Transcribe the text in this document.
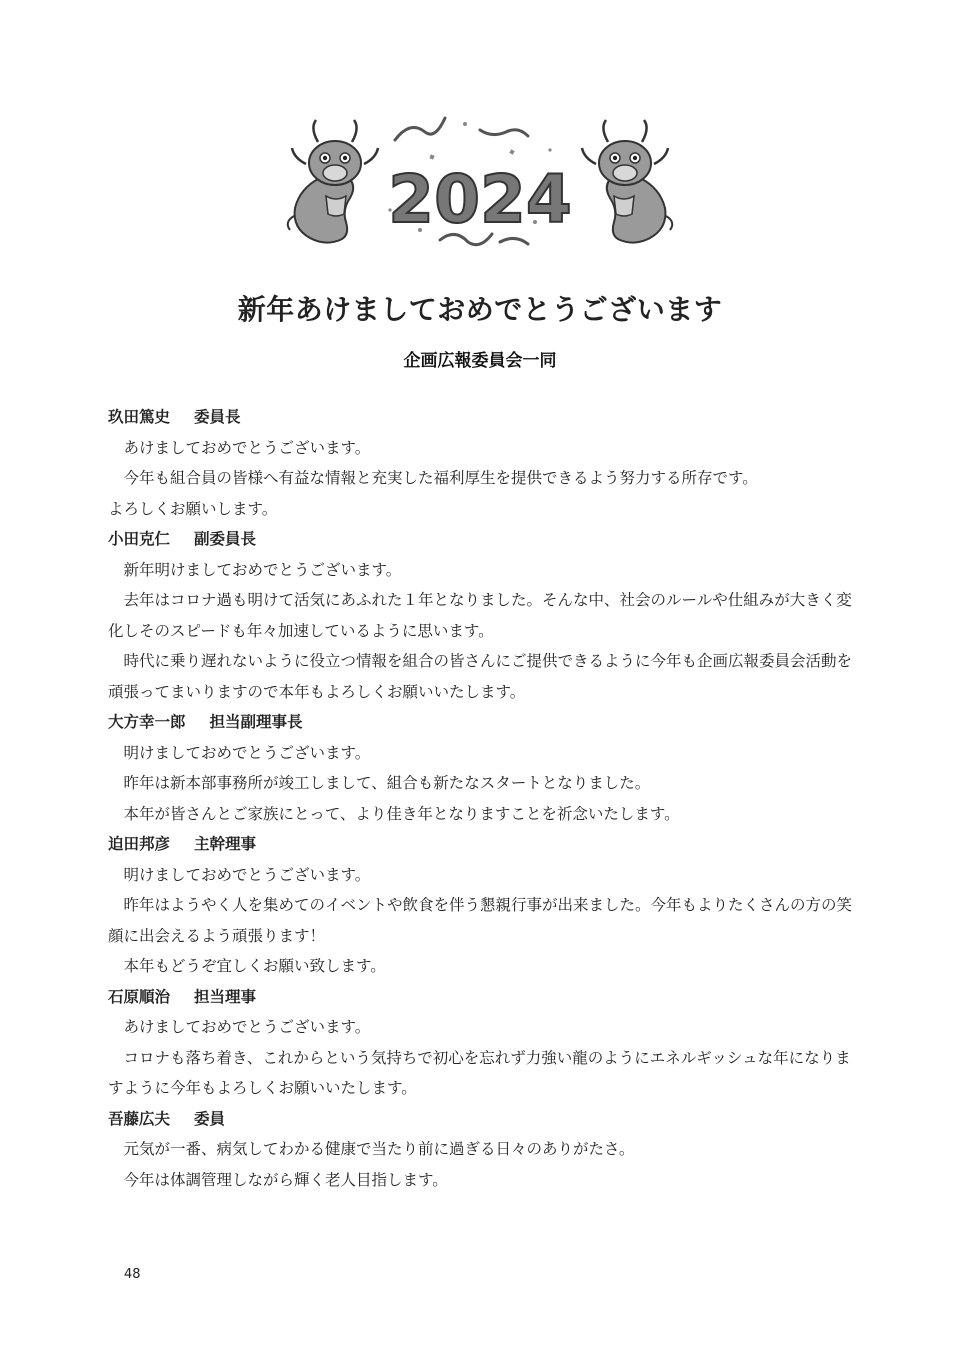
2024
新年あけましておめでとうございます
企画広報委員会一同
玖田篤史 委員長

あけましておめでとうございます。

今年も組合員の皆様へ有益な情報と充実した福利厚生を提供できるよう努力する所存です。

よろしくお願いします。

小田克仁 副委員長

新年明けましておめでとうございます。

去年はコロナ過も明けて活気にあふれた１年となりました。そんな中、社会のルールや仕組みが大きく変化しそのスピードも年々加速しているように思います。

時代に乗り遅れないように役立つ情報を組合の皆さんにご提供できるように今年も企画広報委員会活動を頑張ってまいりますので本年もよろしくお願いいたします。

大方幸一郎 担当副理事長

明けましておめでとうございます。

昨年は新本部事務所が竣工しまして、組合も新たなスタートとなりました。

本年が皆さんとご家族にとって、より佳き年となりますことを祈念いたします。

迫田邦彦 主幹理事

明けましておめでとうございます。

昨年はようやく人を集めてのイベントや飲食を伴う懇親行事が出来ました。今年もよりたくさんの方の笑顔に出会えるよう頑張ります！

本年もどうぞ宜しくお願い致します。

石原順治 担当理事

あけましておめでとうございます。

コロナも落ち着き、これからという気持ちで初心を忘れず力強い龍のようにエネルギッシュな年になりますように今年もよろしくお願いいたします。

吾藤広夫 委員

元気が一番、病気してわかる健康で当たり前に過ぎる日々のありがたさ。

今年は体調管理しながら輝く老人目指します。

48
